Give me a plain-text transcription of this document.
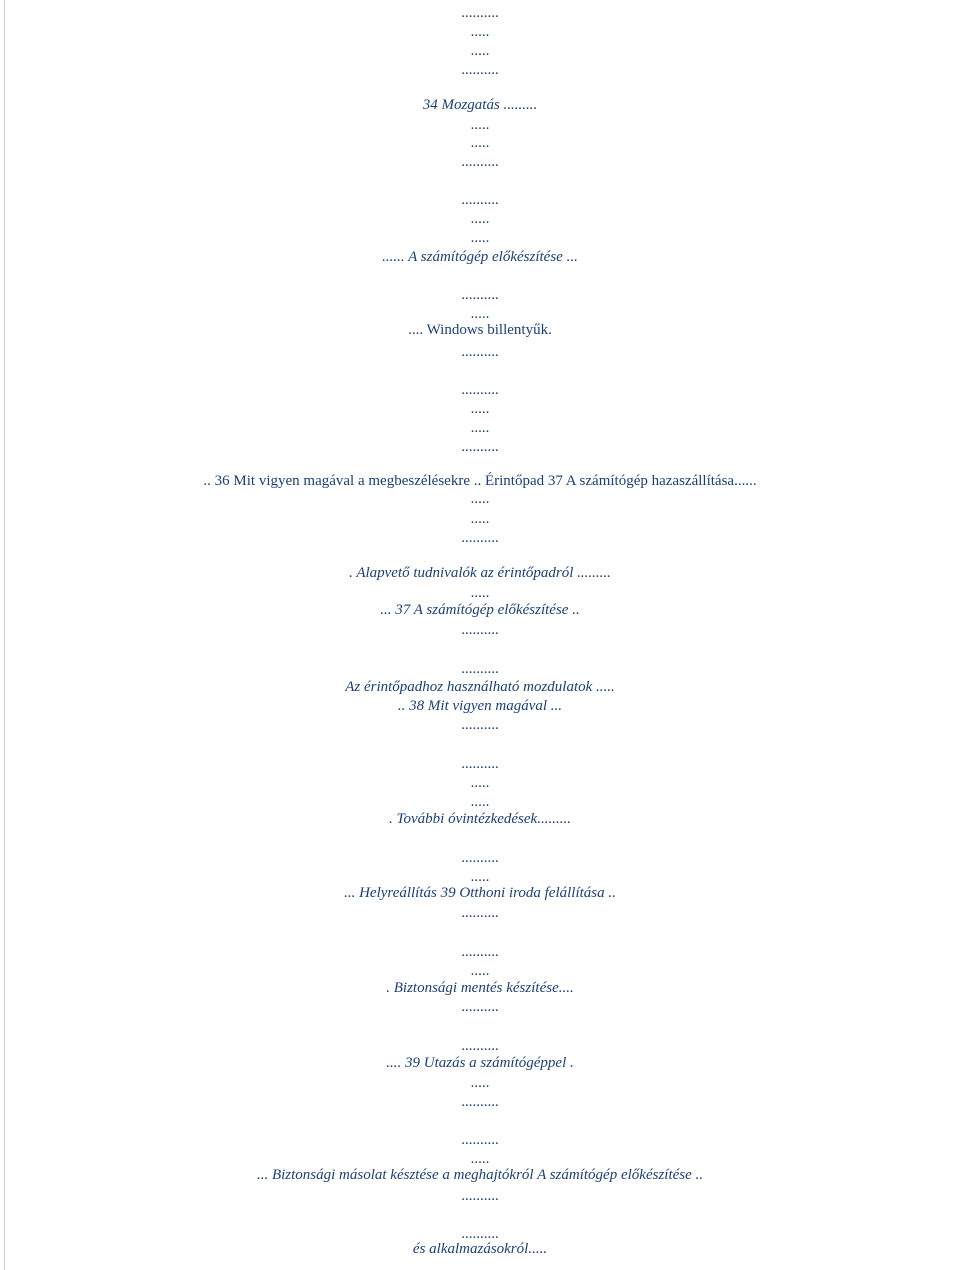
..........
.....
.....
..........
34 Mozgatás .........
.....
.....
..........
..........
.....
.....
...... A számítógép előkészítése ...
..........
.....
.... Windows billentyűk.
..........
..........
.....
.....
..........
.. 36 Mit vigyen magával a megbeszélésekre .. Érintőpad 37 A számítógép hazaszállítása......
.....
.....
..........
. Alapvető tudnivalók az érintőpadról .........
.....
... 37 A számítógép előkészítése ..
..........
..........
Az érintőpadhoz használható mozdulatok .....
.. 38 Mit vigyen magával ...
..........
..........
.....
.....
. További óvintézkedések.........
..........
.....
... Helyreállítás 39 Otthoni iroda felállítása ..
..........
..........
.....
. Biztonsági mentés készítése....
..........
..........
.... 39 Utazás a számítógéppel .
.....
..........
..........
.....
... Biztonsági másolat késztése a meghajtókról A számítógép előkészítése ..
..........
..........
és alkalmazásokról.....
